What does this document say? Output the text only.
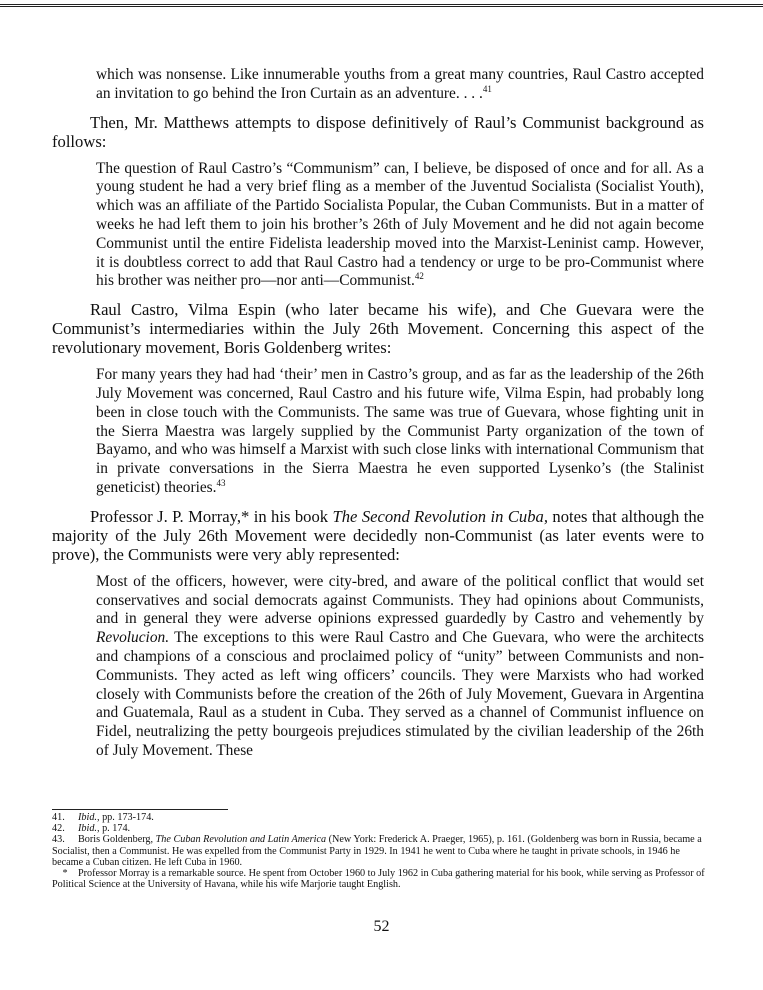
which was nonsense. Like innumerable youths from a great many countries, Raul Castro accepted an invitation to go behind the Iron Curtain as an adventure. . . .$^{41}$
Then, Mr. Matthews attempts to dispose definitively of Raul’s Communist background as follows:
The question of Raul Castro’s “Communism” can, I believe, be disposed of once and for all. As a young student he had a very brief fling as a member of the Juventud Socialista (Socialist Youth), which was an affiliate of the Partido Socialista Popular, the Cuban Communists. But in a matter of weeks he had left them to join his brother’s 26th of July Movement and he did not again become Communist until the entire Fidelista leadership moved into the Marxist-Leninist camp. However, it is doubtless correct to add that Raul Castro had a tendency or urge to be pro-Communist where his brother was neither pro—nor anti—Communist.$^{42}$
Raul Castro, Vilma Espin (who later became his wife), and Che Guevara were the Communist’s intermediaries within the July 26th Movement. Concerning this aspect of the revolutionary movement, Boris Goldenberg writes:
For many years they had had ‘their’ men in Castro’s group, and as far as the leadership of the 26th July Movement was concerned, Raul Castro and his future wife, Vilma Espin, had probably long been in close touch with the Communists. The same was true of Guevara, whose fighting unit in the Sierra Maestra was largely supplied by the Communist Party organization of the town of Bayamo, and who was himself a Marxist with such close links with international Communism that in private conversations in the Sierra Maestra he even supported Lysenko’s (the Stalinist geneticist) theories.$^{43}$
Professor J. P. Morray,* in his book The Second Revolution in Cuba, notes that although the majority of the July 26th Movement were decidedly non-Communist (as later events were to prove), the Communists were very ably represented:
Most of the officers, however, were city-bred, and aware of the political conflict that would set conservatives and social democrats against Communists. They had opinions about Communists, and in general they were adverse opinions expressed guardedly by Castro and vehemently by Revolucion. The exceptions to this were Raul Castro and Che Guevara, who were the architects and champions of a conscious and proclaimed policy of “unity” between Communists and non-Communists. They acted as left wing officers’ councils. They were Marxists who had worked closely with Communists before the creation of the 26th of July Movement, Guevara in Argentina and Guatemala, Raul as a student in Cuba. They served as a channel of Communist influence on Fidel, neutralizing the petty bourgeois prejudices stimulated by the civilian leadership of the 26th of July Movement. These
41. Ibid., pp. 173-174.
42. Ibid., p. 174.
43. Boris Goldenberg, The Cuban Revolution and Latin America (New York: Frederick A. Praeger, 1965), p. 161. (Goldenberg was born in Russia, became a Socialist, then a Communist. He was expelled from the Communist Party in 1929. In 1941 he went to Cuba where he taught in private schools, in 1946 he became a Cuban citizen. He left Cuba in 1960.
* Professor Morray is a remarkable source. He spent from October 1960 to July 1962 in Cuba gathering material for his book, while serving as Professor of Political Science at the University of Havana, while his wife Marjorie taught English.
52
